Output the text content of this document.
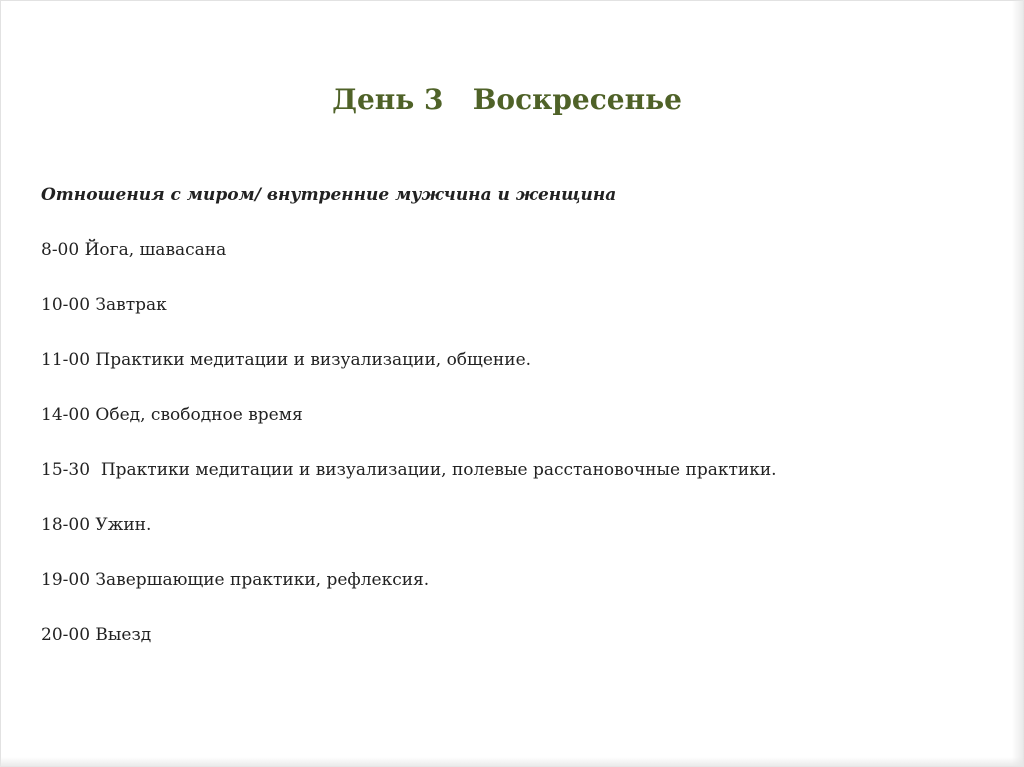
День 3   Воскресенье

Отношения с миром/ внутренние мужчина и женщина

8-00 Йога, шавасана
10-00 Завтрак
11-00 Практики медитации и визуализации, общение.
14-00 Обед, свободное время
15-30  Практики медитации и визуализации, полевые расстановочные практики.
18-00 Ужин.
19-00 Завершающие практики, рефлексия.
20-00 Выезд
